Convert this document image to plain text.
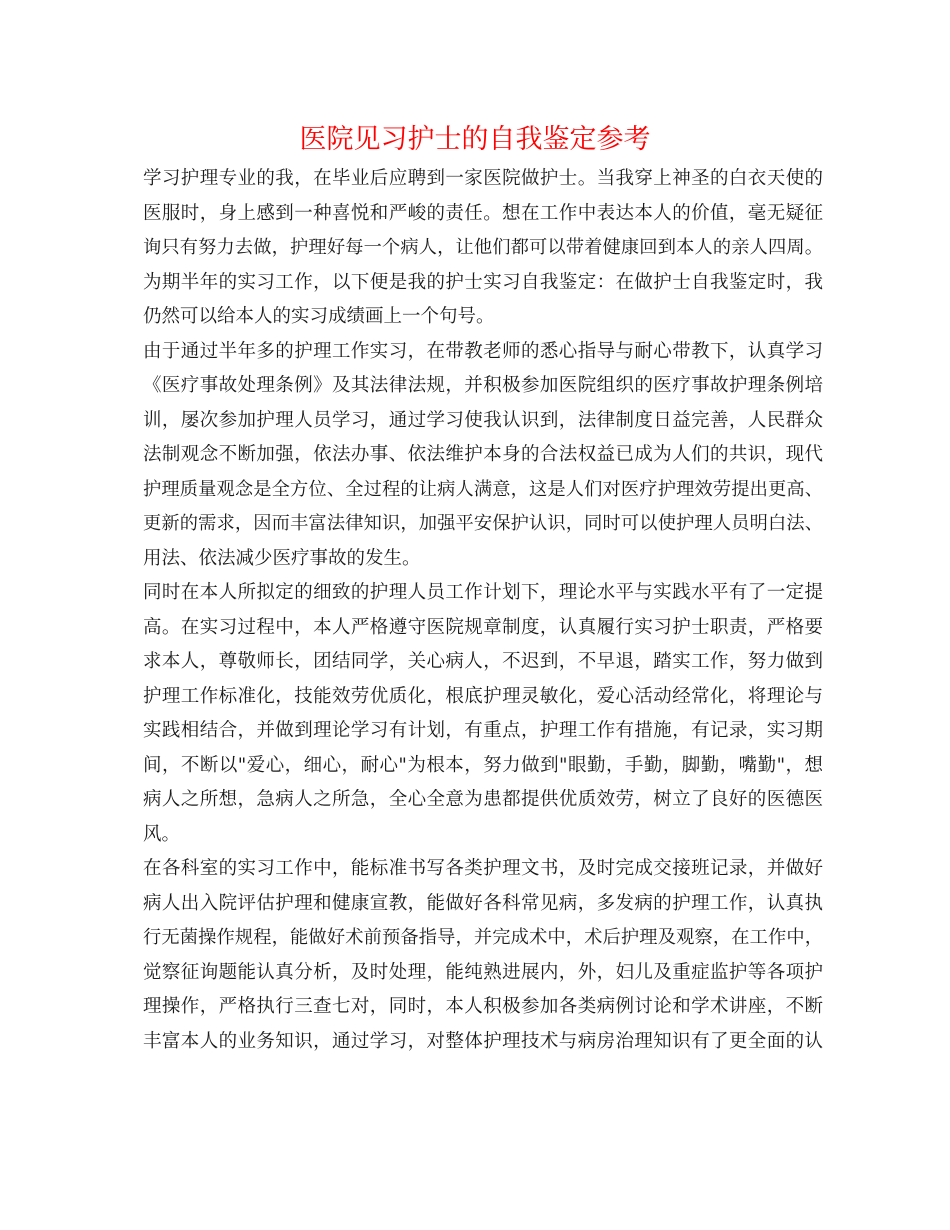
医院见习护士的自我鉴定参考
学习护理专业的我，在毕业后应聘到一家医院做护士。当我穿上神圣的白衣天使的
医服时，身上感到一种喜悦和严峻的责任。想在工作中表达本人的价值，毫无疑征
询只有努力去做，护理好每一个病人，让他们都可以带着健康回到本人的亲人四周。
为期半年的实习工作，以下便是我的护士实习自我鉴定：在做护士自我鉴定时，我
仍然可以给本人的实习成绩画上一个句号。
由于通过半年多的护理工作实习，在带教老师的悉心指导与耐心带教下，认真学习
《医疗事故处理条例》及其法律法规，并积极参加医院组织的医疗事故护理条例培
训，屡次参加护理人员学习，通过学习使我认识到，法律制度日益完善，人民群众
法制观念不断加强，依法办事、依法维护本身的合法权益已成为人们的共识，现代
护理质量观念是全方位、全过程的让病人满意，这是人们对医疗护理效劳提出更高、
更新的需求，因而丰富法律知识，加强平安保护认识，同时可以使护理人员明白法、
用法、依法减少医疗事故的发生。
同时在本人所拟定的细致的护理人员工作计划下，理论水平与实践水平有了一定提
高。在实习过程中，本人严格遵守医院规章制度，认真履行实习护士职责，严格要
求本人，尊敬师长，团结同学，关心病人，不迟到，不早退，踏实工作，努力做到
护理工作标准化，技能效劳优质化，根底护理灵敏化，爱心活动经常化，将理论与
实践相结合，并做到理论学习有计划，有重点，护理工作有措施，有记录，实习期
间，不断以"爱心，细心，耐心"为根本，努力做到"眼勤，手勤，脚勤，嘴勤"，想
病人之所想，急病人之所急，全心全意为患都提供优质效劳，树立了良好的医德医
风。
在各科室的实习工作中，能标准书写各类护理文书，及时完成交接班记录，并做好
病人出入院评估护理和健康宣教，能做好各科常见病，多发病的护理工作，认真执
行无菌操作规程，能做好术前预备指导，并完成术中，术后护理及观察，在工作中，
觉察征询题能认真分析，及时处理，能纯熟进展内，外，妇儿及重症监护等各项护
理操作，严格执行三查七对，同时，本人积极参加各类病例讨论和学术讲座，不断
丰富本人的业务知识，通过学习，对整体护理技术与病房治理知识有了更全面的认
